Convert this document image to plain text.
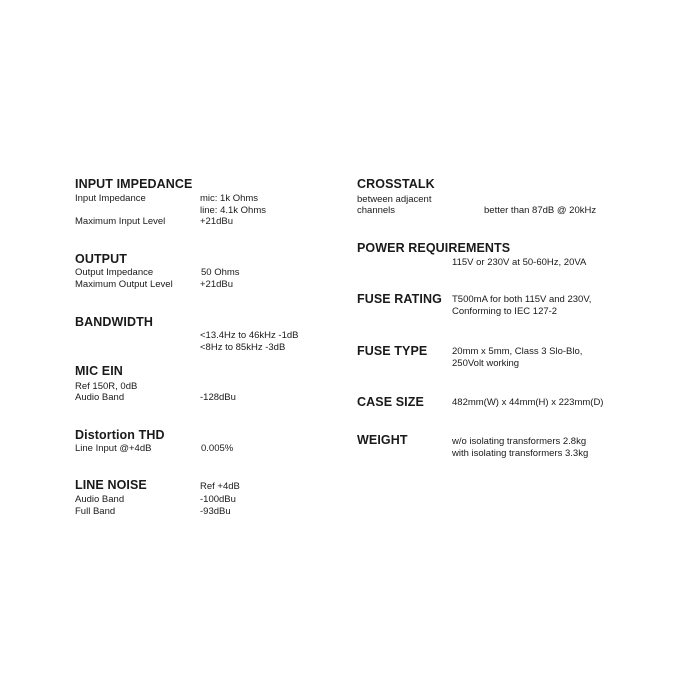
INPUT IMPEDANCE
Input Impedance	mic: 1k Ohms
line: 4.1k Ohms
Maximum Input Level	+21dBu
OUTPUT
Output Impedance	50 Ohms
Maximum Output Level	+21dBu
BANDWIDTH
<13.4Hz to 46kHz -1dB
<8Hz to 85kHz -3dB
MIC EIN
Ref 150R, 0dB
Audio Band	-128dBu
Distortion THD
Line Input @+4dB	0.005%
LINE NOISE	Ref +4dB
Audio Band	-100dBu
Full Band	-93dBu
CROSSTALK
between adjacent
channels	better than 87dB @ 20kHz
POWER REQUIREMENTS
115V or 230V at 50-60Hz, 20VA
FUSE RATING T500mA for both 115V and 230V,
Conforming to IEC 127-2
FUSE TYPE	20mm x 5mm, Class 3 Slo-Blo,
250Volt working
CASE SIZE	482mm(W) x 44mm(H) x 223mm(D)
WEIGHT	w/o isolating transformers 2.8kg
with isolating transformers 3.3kg
